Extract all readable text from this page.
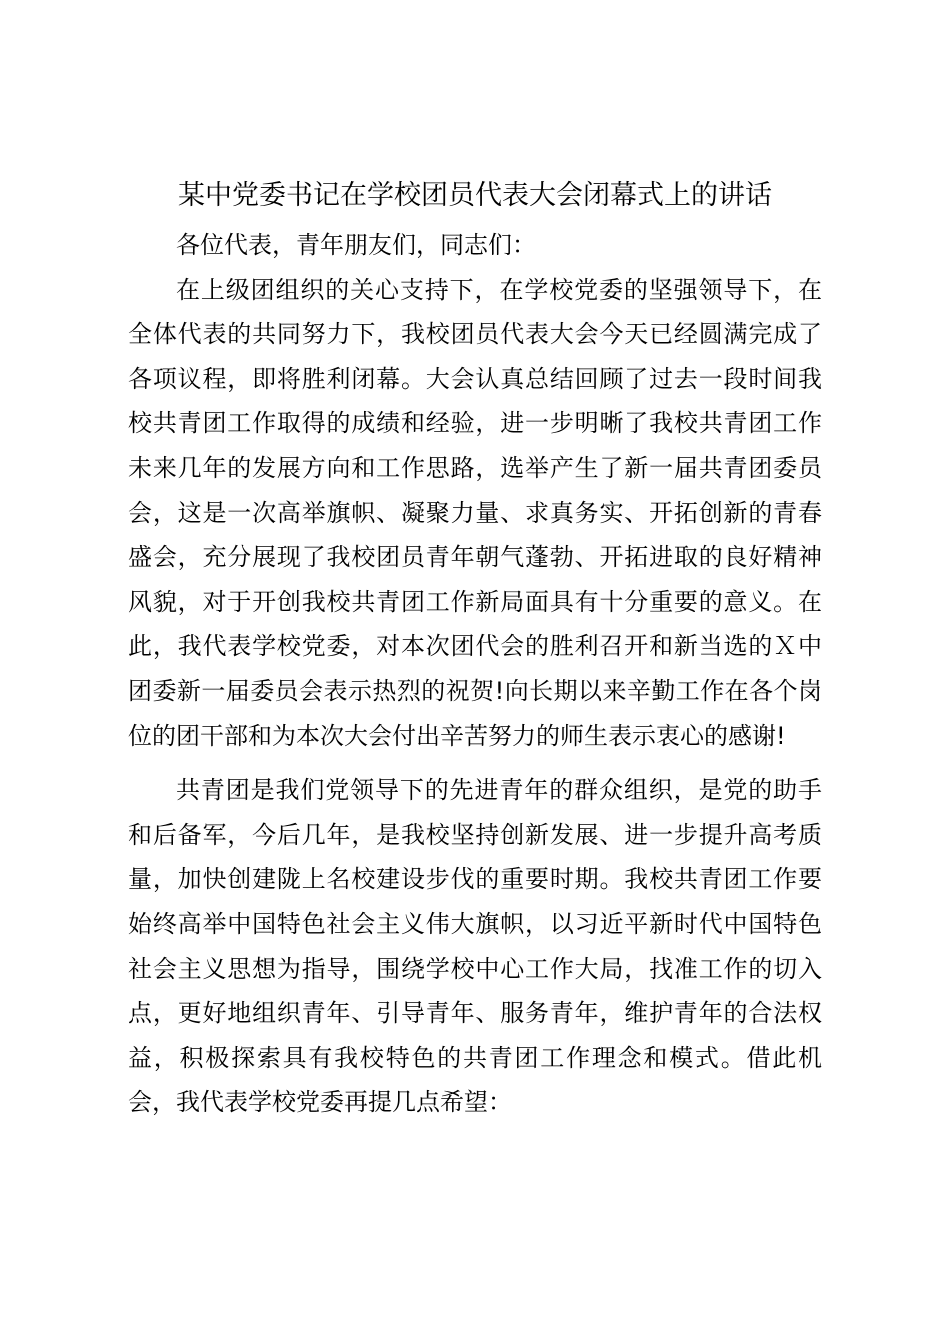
某中党委书记在学校团员代表大会闭幕式上的讲话

各位代表，青年朋友们，同志们：

在上级团组织的关心支持下，在学校党委的坚强领导下，在全体代表的共同努力下，我校团员代表大会今天已经圆满完成了各项议程，即将胜利闭幕。大会认真总结回顾了过去一段时间我校共青团工作取得的成绩和经验，进一步明晰了我校共青团工作未来几年的发展方向和工作思路，选举产生了新一届共青团委员会，这是一次高举旗帜、凝聚力量、求真务实、开拓创新的青春盛会，充分展现了我校团员青年朝气蓬勃、开拓进取的良好精神风貌，对于开创我校共青团工作新局面具有十分重要的意义。在此，我代表学校党委，对本次团代会的胜利召开和新当选的Ｘ中团委新一届委员会表示热烈的祝贺!向长期以来辛勤工作在各个岗位的团干部和为本次大会付出辛苦努力的师生表示衷心的感谢!

共青团是我们党领导下的先进青年的群众组织，是党的助手和后备军，今后几年，是我校坚持创新发展、进一步提升高考质量，加快创建陇上名校建设步伐的重要时期。我校共青团工作要始终高举中国特色社会主义伟大旗帜，以习近平新时代中国特色社会主义思想为指导，围绕学校中心工作大局，找准工作的切入点，更好地组织青年、引导青年、服务青年，维护青年的合法权益，积极探索具有我校特色的共青团工作理念和模式。借此机会，我代表学校党委再提几点希望：
